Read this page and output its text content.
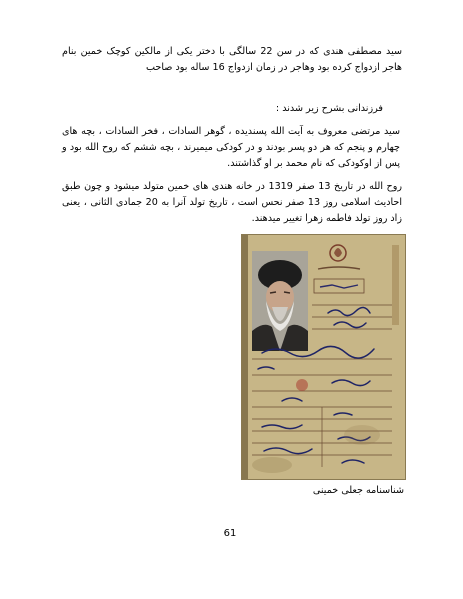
سید مصطفی هندی که در سن 22 سالگی با دختر یکی از مالکین کوچک خمین بنام هاجر ازدواج کرده بود وهاجر در زمان ازدواج 16 ساله بود صاحب
فرزندانی بشرح زیر شدند :
سید مرتضی معروف به آیت الله پسندیده ، گوهر السادات ، فخر السادات ، بچه های چهارم و پنجم که هر دو پسر بودند و در کودکی میمیرند ، بچه ششم که روح الله بود و پس از اوکودکی که نام محمد بر او گذاشتند.
روح الله در تاریخ 13 صفر 1319 در خانه هندی های خمین متولد میشود و چون طبق احادیث اسلامی روز 13 صفر نحس است ، تاریخ تولد آنرا به 20 جمادی الثانی ، یعنی زاد روز تولد فاطمه زهرا تغییر میدهند.
شناسنامه جعلی خمینی
61
